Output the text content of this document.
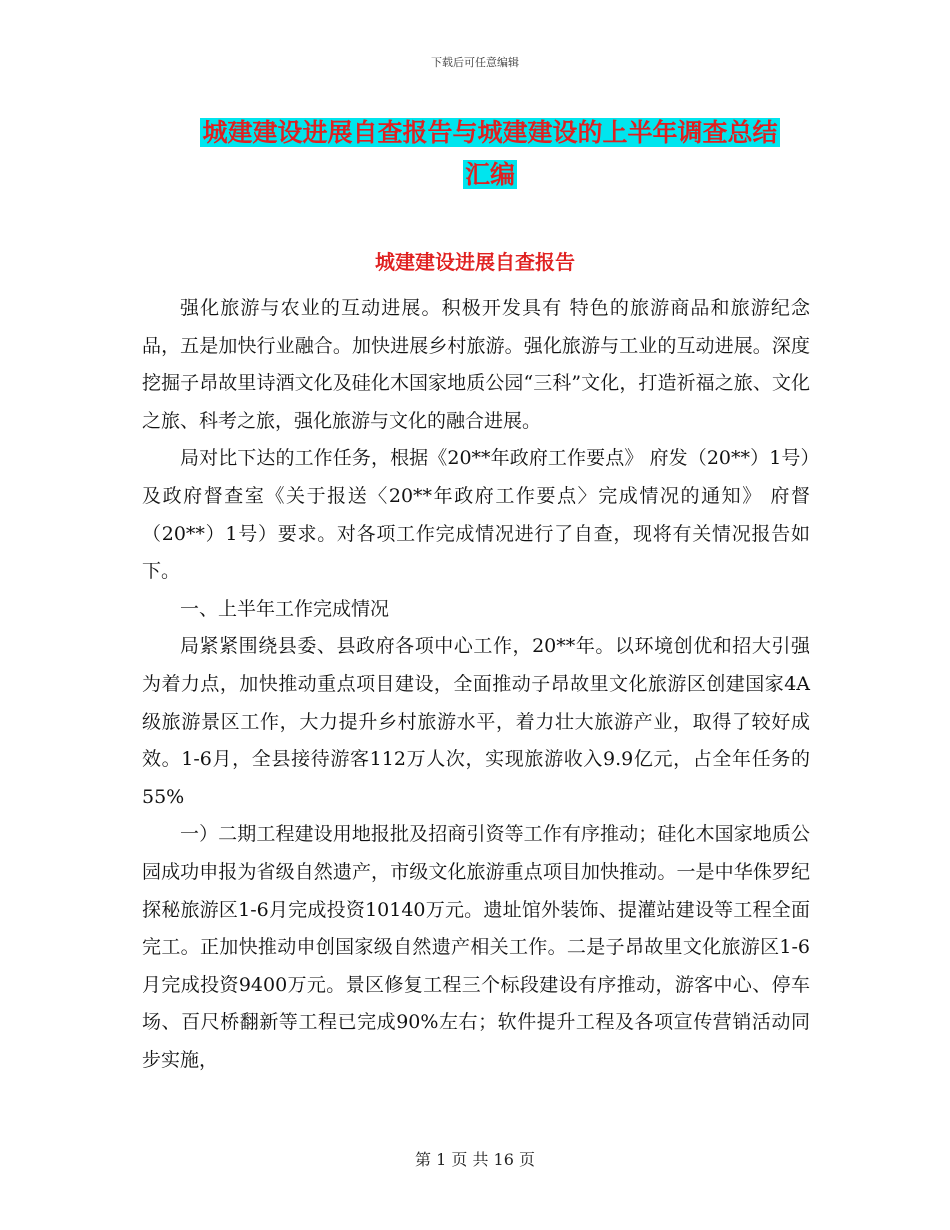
下载后可任意编辑
城建建设进展自查报告与城建建设的上半年调查总结
汇编
城建建设进展自查报告

强化旅游与农业的互动进展。积极开发具有 特色的旅游商品和旅游纪念品，五是加快行业融合。加快进展乡村旅游。强化旅游与工业的互动进展。深度挖掘子昂故里诗酒文化及硅化木国家地质公园“三科”文化，打造祈福之旅、文化之旅、科考之旅，强化旅游与文化的融合进展。

局对比下达的工作任务，根据《20**年政府工作要点》 府发（20**）1号）及政府督查室《关于报送〈20**年政府工作要点〉完成情况的通知》 府督（20**）1号）要求。对各项工作完成情况进行了自查，现将有关情况报告如下。

一、上半年工作完成情况

局紧紧围绕县委、县政府各项中心工作，20**年。以环境创优和招大引强为着力点，加快推动重点项目建设，全面推动子昂故里文化旅游区创建国家4A 级旅游景区工作，大力提升乡村旅游水平，着力壮大旅游产业，取得了较好成效。1-6月，全县接待游客112万人次，实现旅游收入9.9亿元，占全年任务的55%

一）二期工程建设用地报批及招商引资等工作有序推动；硅化木国家地质公园成功申报为省级自然遗产，市级文化旅游重点项目加快推动。一是中华侏罗纪探秘旅游区1-6月完成投资10140万元。遗址馆外装饰、提灌站建设等工程全面完工。正加快推动申创国家级自然遗产相关工作。二是子昂故里文化旅游区1-6月完成投资9400万元。景区修复工程三个标段建设有序推动，游客中心、停车场、百尺桥翻新等工程已完成90%左右；软件提升工程及各项宣传营销活动同步实施，

第 1 页 共 16 页
